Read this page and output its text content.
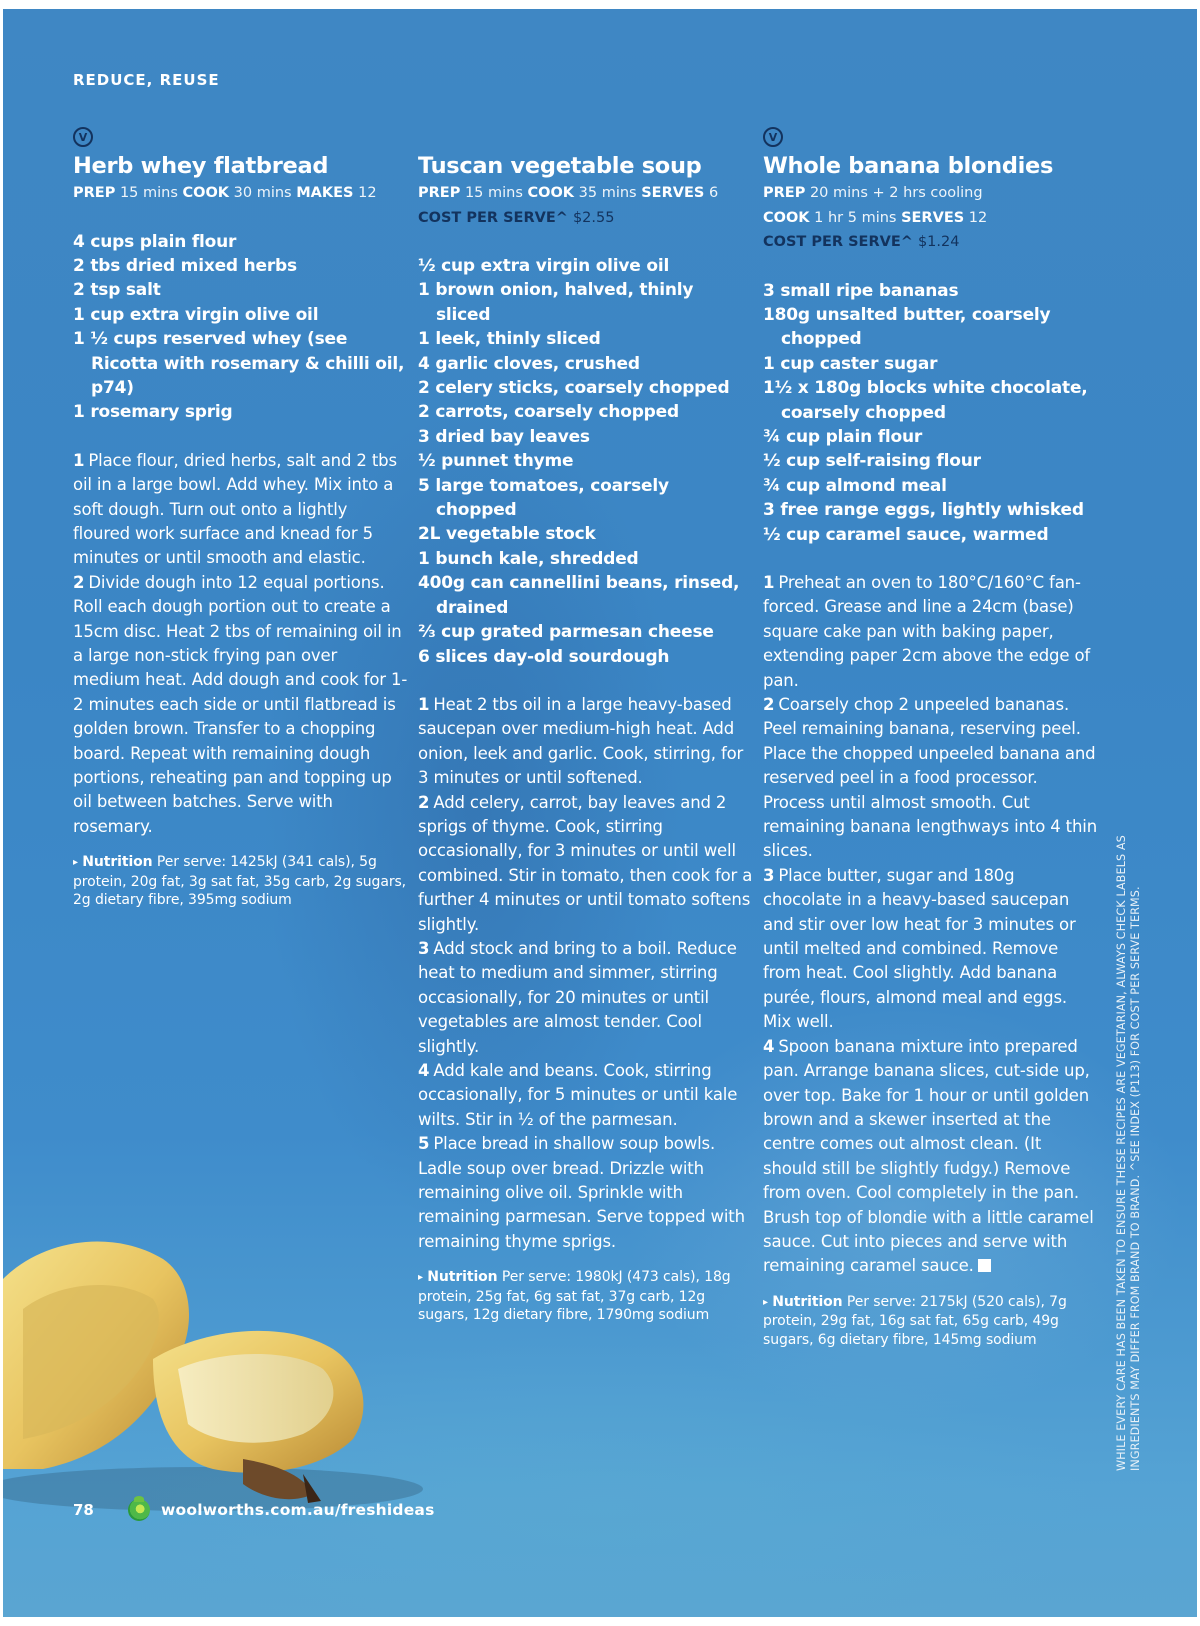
REDUCE, REUSE
V
Herb whey flatbread
PREP 15 mins COOK 30 mins MAKES 12
4 cups plain flour
2 tbs dried mixed herbs
2 tsp salt
1 cup extra virgin olive oil
1 ½ cups reserved whey (see Ricotta with rosemary & chilli oil, p74)
1 rosemary sprig

1 Place flour, dried herbs, salt and 2 tbs oil in a large bowl. Add whey. Mix into a soft dough. Turn out onto a lightly floured work surface and knead for 5 minutes or until smooth and elastic.

2 Divide dough into 12 equal portions. Roll each dough portion out to create a 15cm disc. Heat 2 tbs of remaining oil in a large non-stick frying pan over medium heat. Add dough and cook for 1-2 minutes each side or until flatbread is golden brown. Transfer to a chopping board. Repeat with remaining dough portions, reheating pan and topping up oil between batches. Serve with rosemary.

▸ Nutrition Per serve: 1425kJ (341 cals), 5g protein, 20g fat, 3g sat fat, 35g carb, 2g sugars, 2g dietary fibre, 395mg sodium
Tuscan vegetable soup
PREP 15 mins COOK 35 mins SERVES 6
COST PER SERVE^ $2.55
½ cup extra virgin olive oil
1 brown onion, halved, thinly sliced
1 leek, thinly sliced
4 garlic cloves, crushed
2 celery sticks, coarsely chopped
2 carrots, coarsely chopped
3 dried bay leaves
½ punnet thyme
5 large tomatoes, coarsely chopped
2L vegetable stock
1 bunch kale, shredded
400g can cannellini beans, rinsed, drained
⅔ cup grated parmesan cheese
6 slices day-old sourdough

1 Heat 2 tbs oil in a large heavy-based saucepan over medium-high heat. Add onion, leek and garlic. Cook, stirring, for 3 minutes or until softened.

2 Add celery, carrot, bay leaves and 2 sprigs of thyme. Cook, stirring occasionally, for 3 minutes or until well combined. Stir in tomato, then cook for a further 4 minutes or until tomato softens slightly.

3 Add stock and bring to a boil. Reduce heat to medium and simmer, stirring occasionally, for 20 minutes or until vegetables are almost tender. Cool slightly.

4 Add kale and beans. Cook, stirring occasionally, for 5 minutes or until kale wilts. Stir in ½ of the parmesan.

5 Place bread in shallow soup bowls. Ladle soup over bread. Drizzle with remaining olive oil. Sprinkle with remaining parmesan. Serve topped with remaining thyme sprigs.

▸ Nutrition Per serve: 1980kJ (473 cals), 18g protein, 25g fat, 6g sat fat, 37g carb, 12g sugars, 12g dietary fibre, 1790mg sodium
V
Whole banana blondies
PREP 20 mins + 2 hrs cooling
COOK 1 hr 5 mins SERVES 12
COST PER SERVE^ $1.24
3 small ripe bananas
180g unsalted butter, coarsely chopped
1 cup caster sugar
1½ x 180g blocks white chocolate, coarsely chopped
¾ cup plain flour
½ cup self-raising flour
¾ cup almond meal
3 free range eggs, lightly whisked
½ cup caramel sauce, warmed

1 Preheat an oven to 180°C/160°C fan-forced. Grease and line a 24cm (base) square cake pan with baking paper, extending paper 2cm above the edge of pan.

2 Coarsely chop 2 unpeeled bananas. Peel remaining banana, reserving peel. Place the chopped unpeeled banana and reserved peel in a food processor. Process until almost smooth. Cut remaining banana lengthways into 4 thin slices.

3 Place butter, sugar and 180g chocolate in a heavy-based saucepan and stir over low heat for 3 minutes or until melted and combined. Remove from heat. Cool slightly. Add banana purée, flours, almond meal and eggs. Mix well.

4 Spoon banana mixture into prepared pan. Arrange banana slices, cut-side up, over top. Bake for 1 hour or until golden brown and a skewer inserted at the centre comes out almost clean. (It should still be slightly fudgy.) Remove from oven. Cool completely in the pan. Brush top of blondie with a little caramel sauce. Cut into pieces and serve with remaining caramel sauce.

▸ Nutrition Per serve: 2175kJ (520 cals), 7g protein, 29g fat, 16g sat fat, 65g carb, 49g sugars, 6g dietary fibre, 145mg sodium	WHILE EVERY CARE HAS BEEN TAKEN TO ENSURE THESE RECIPES ARE VEGETARIAN, ALWAYS CHECK LABELS AS INGREDIENTS MAY DIFFER FROM BRAND TO BRAND. ^SEE INDEX (P113) FOR COST PER SERVE TERMS.
78	woolworths.com.au/freshideas
